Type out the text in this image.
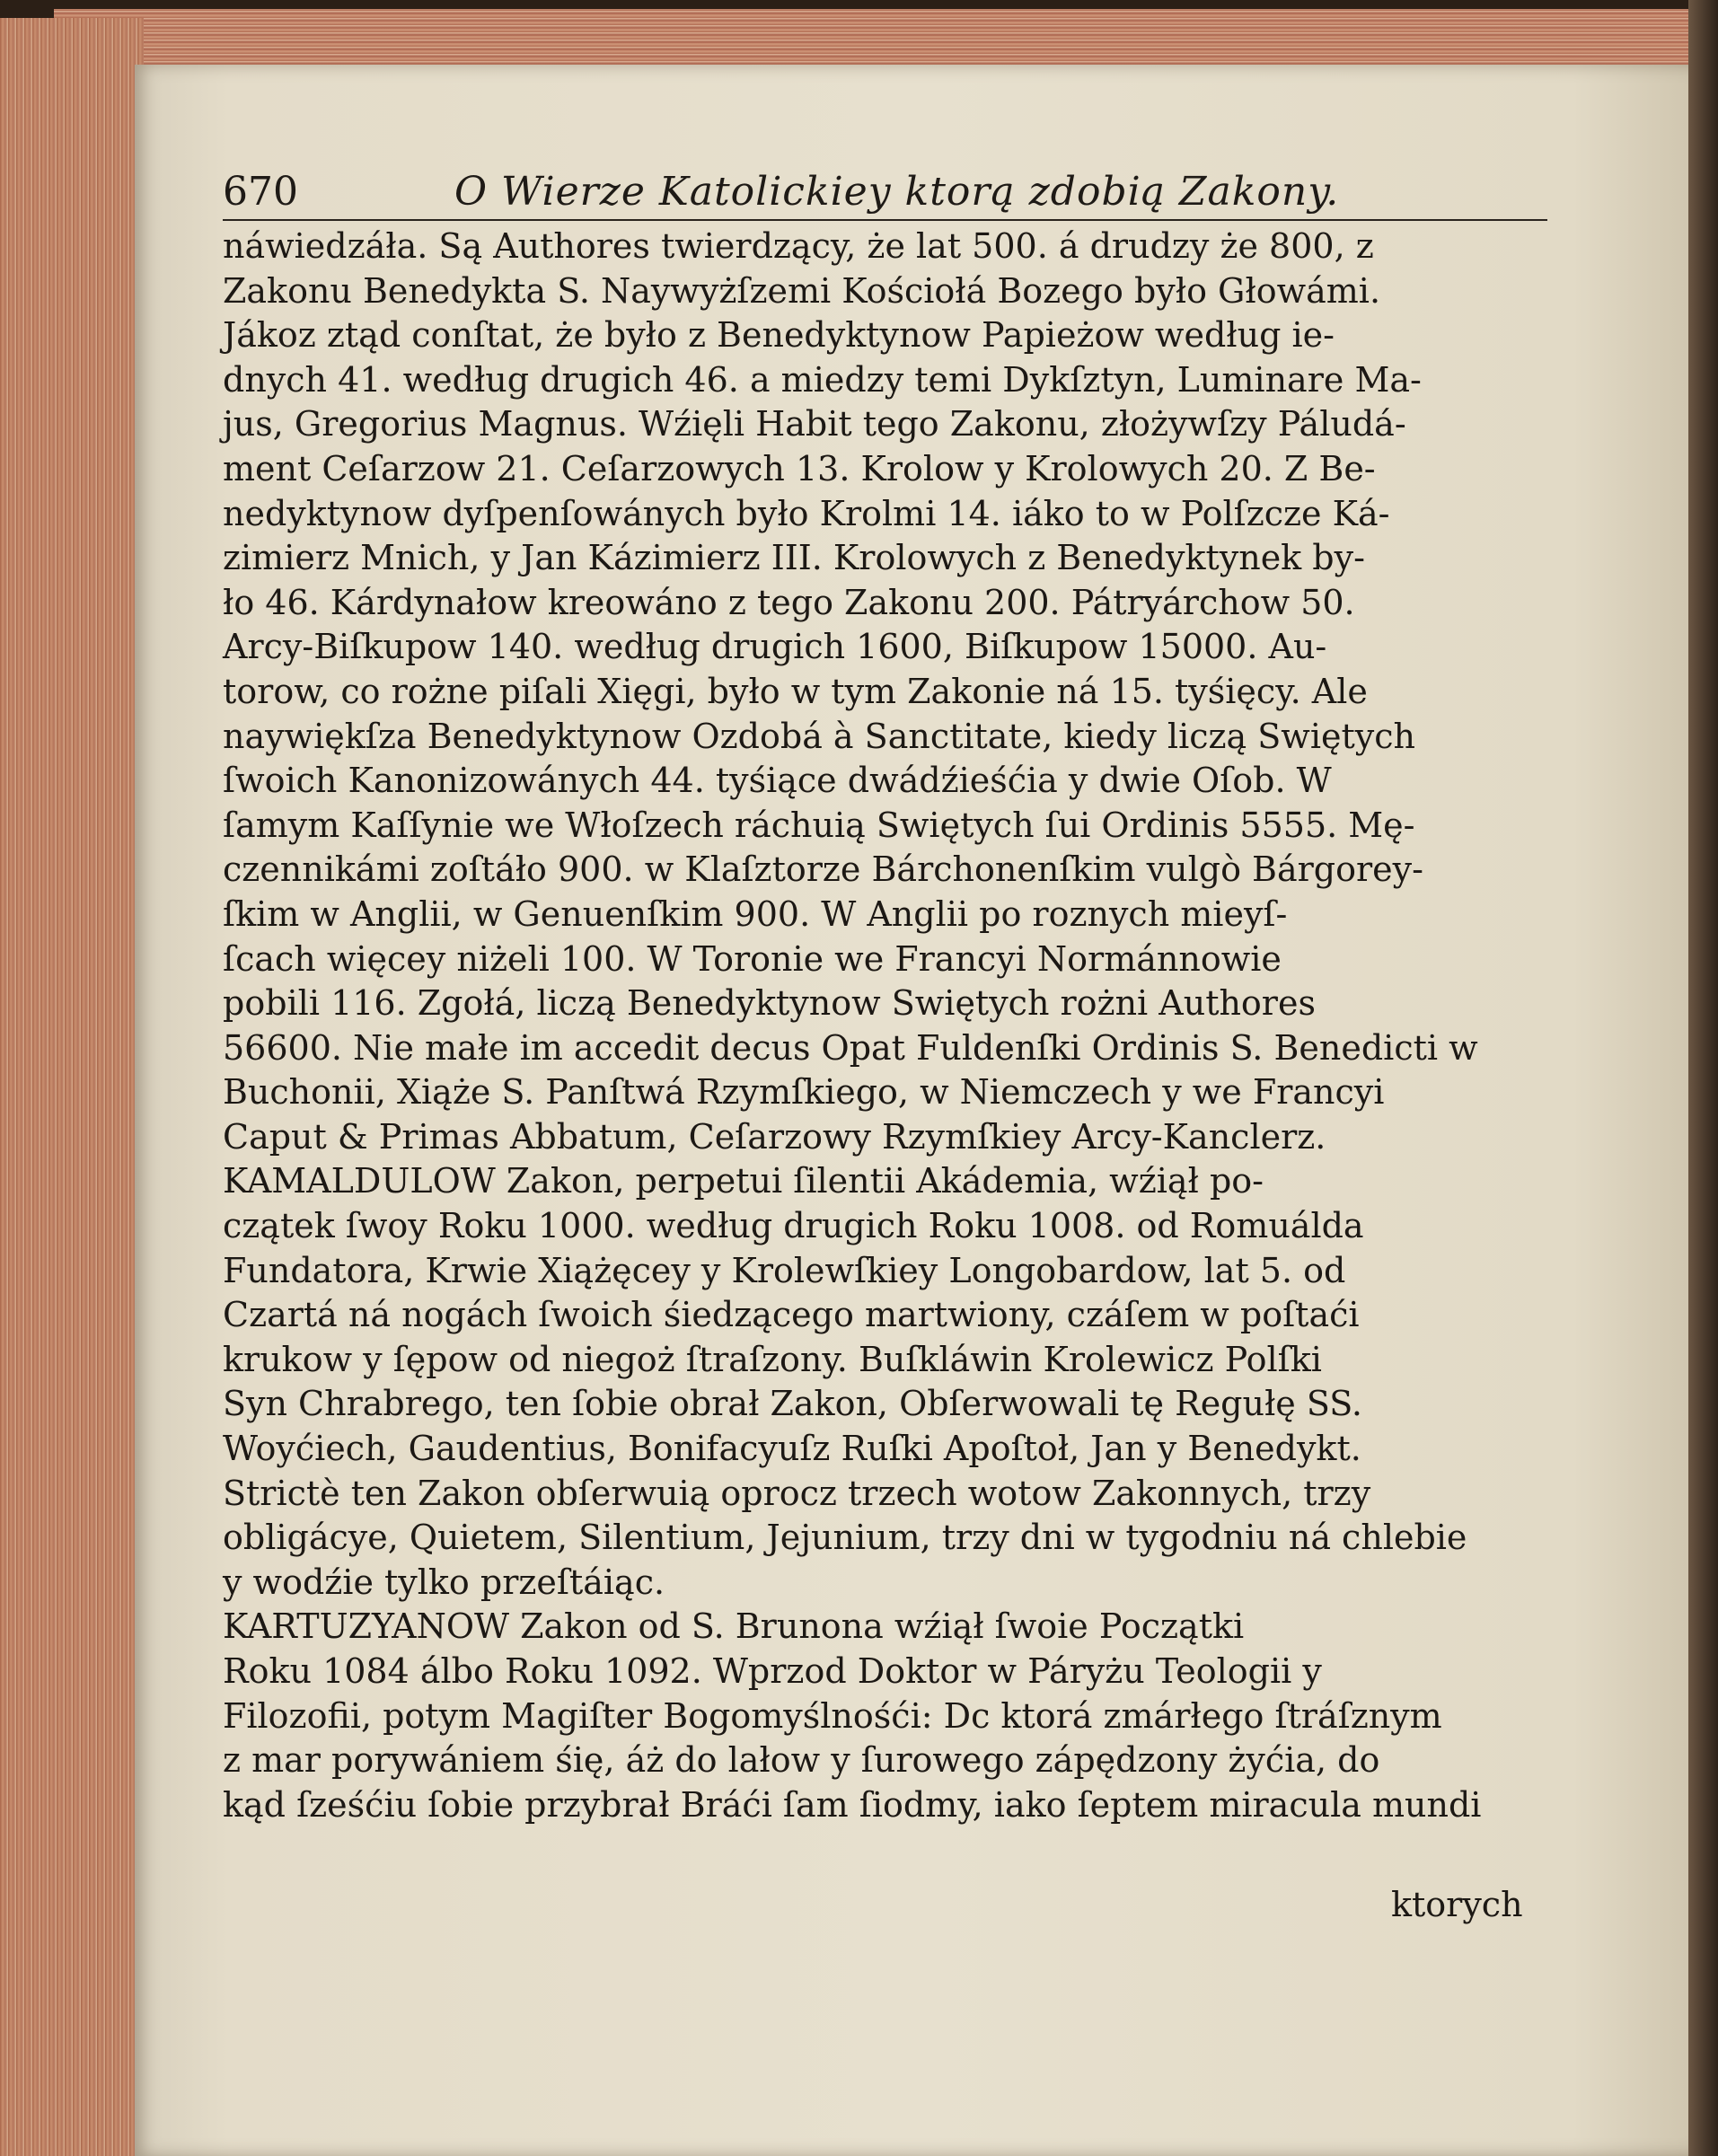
670	O Wierze Katolickiey ktorą zdobią Zakony.
náwiedzáła. Są Authores twierdzący, że lat 500. á drudzy że 800, z
Zakonu Benedykta S. Naywyżſzemi Kościołá Bozego było Głowámi.
Jákoz ztąd conſtat, że było z Benedyktynow Papieżow według ie-
dnych 41. według drugich 46. a miedzy temi Dykſztyn, Luminare Ma-
jus, Gregorius Magnus. Wźięli Habit tego Zakonu, złożywſzy Páludá-
ment Ceſarzow 21. Ceſarzowych 13. Krolow y Krolowych 20. Z Be-
nedyktynow dyſpenſowánych było Krolmi 14. iáko to w Polſzcze Ká-
zimierz Mnich, y Jan Kázimierz III. Krolowych z Benedyktynek by-
ło 46. Kárdynałow kreowáno z tego Zakonu 200. Pátryárchow 50.
Arcy-Biſkupow 140. według drugich 1600, Biſkupow 15000. Au-
torow, co rożne piſali Xięgi, było w tym Zakonie ná 15. tyśięcy. Ale
naywiękſza Benedyktynow Ozdobá à Sanctitate, kiedy liczą Swiętych
ſwoich Kanonizowánych 44. tyśiące dwádźieśćia y dwie Oſob. W
ſamym Kaſſynie we Włoſzech ráchuią Swiętych ſui Ordinis 5555. Mę-
czennikámi zoſtáło 900. w Klaſztorze Bárchonenſkim vulgò Bárgorey-
ſkim w Anglii, w Genuenſkim 900. W Anglii po roznych mieyſ-
ſcach więcey niżeli 100. W Toronie we Francyi Normánnowie
pobili 116. Zgołá, liczą Benedyktynow Swiętych rożni Authores
56600. Nie małe im accedit decus Opat Fuldenſki Ordinis S. Benedicti w
Buchonii, Xiąże S. Panſtwá Rzymſkiego, w Niemczech y we Francyi
Caput & Primas Abbatum, Ceſarzowy Rzymſkiey Arcy-Kanclerz.
KAMALDULOW Zakon, perpetui ſilentii Akádemia, wźiął po-
czątek ſwoy Roku 1000. według drugich Roku 1008. od Romuálda
Fundatora, Krwie Xiążęcey y Krolewſkiey Longobardow, lat 5. od
Czartá ná nogách ſwoich śiedzącego martwiony, czáſem w poſtaći
krukow y ſępow od niegoż ſtraſzony. Buſkláwin Krolewicz Polſki
Syn Chrabrego, ten ſobie obrał Zakon, Obſerwowali tę Regułę SS.
Woyćiech, Gaudentius, Bonifacyuſz Ruſki Apoſtoł, Jan y Benedykt.
Strictè ten Zakon obſerwuią oprocz trzech wotow Zakonnych, trzy
obligácye, Quietem, Silentium, Jejunium, trzy dni w tygodniu ná chlebie
y wodźie tylko przeſtáiąc.
KARTUZYANOW Zakon od S. Brunona wźiął ſwoie Początki
Roku 1084 álbo Roku 1092. Wprzod Doktor w Páryżu Teologii y
Filozofii, potym Magiſter Bogomyślnośći: Dc ktorá zmárłego ſtráſznym
z mar porywániem śię, áż do lałow y ſurowego zápędzony żyćia, do
kąd ſześćiu ſobie przybrał Bráći ſam ſiodmy, iako ſeptem miracula mundi
ktorych
